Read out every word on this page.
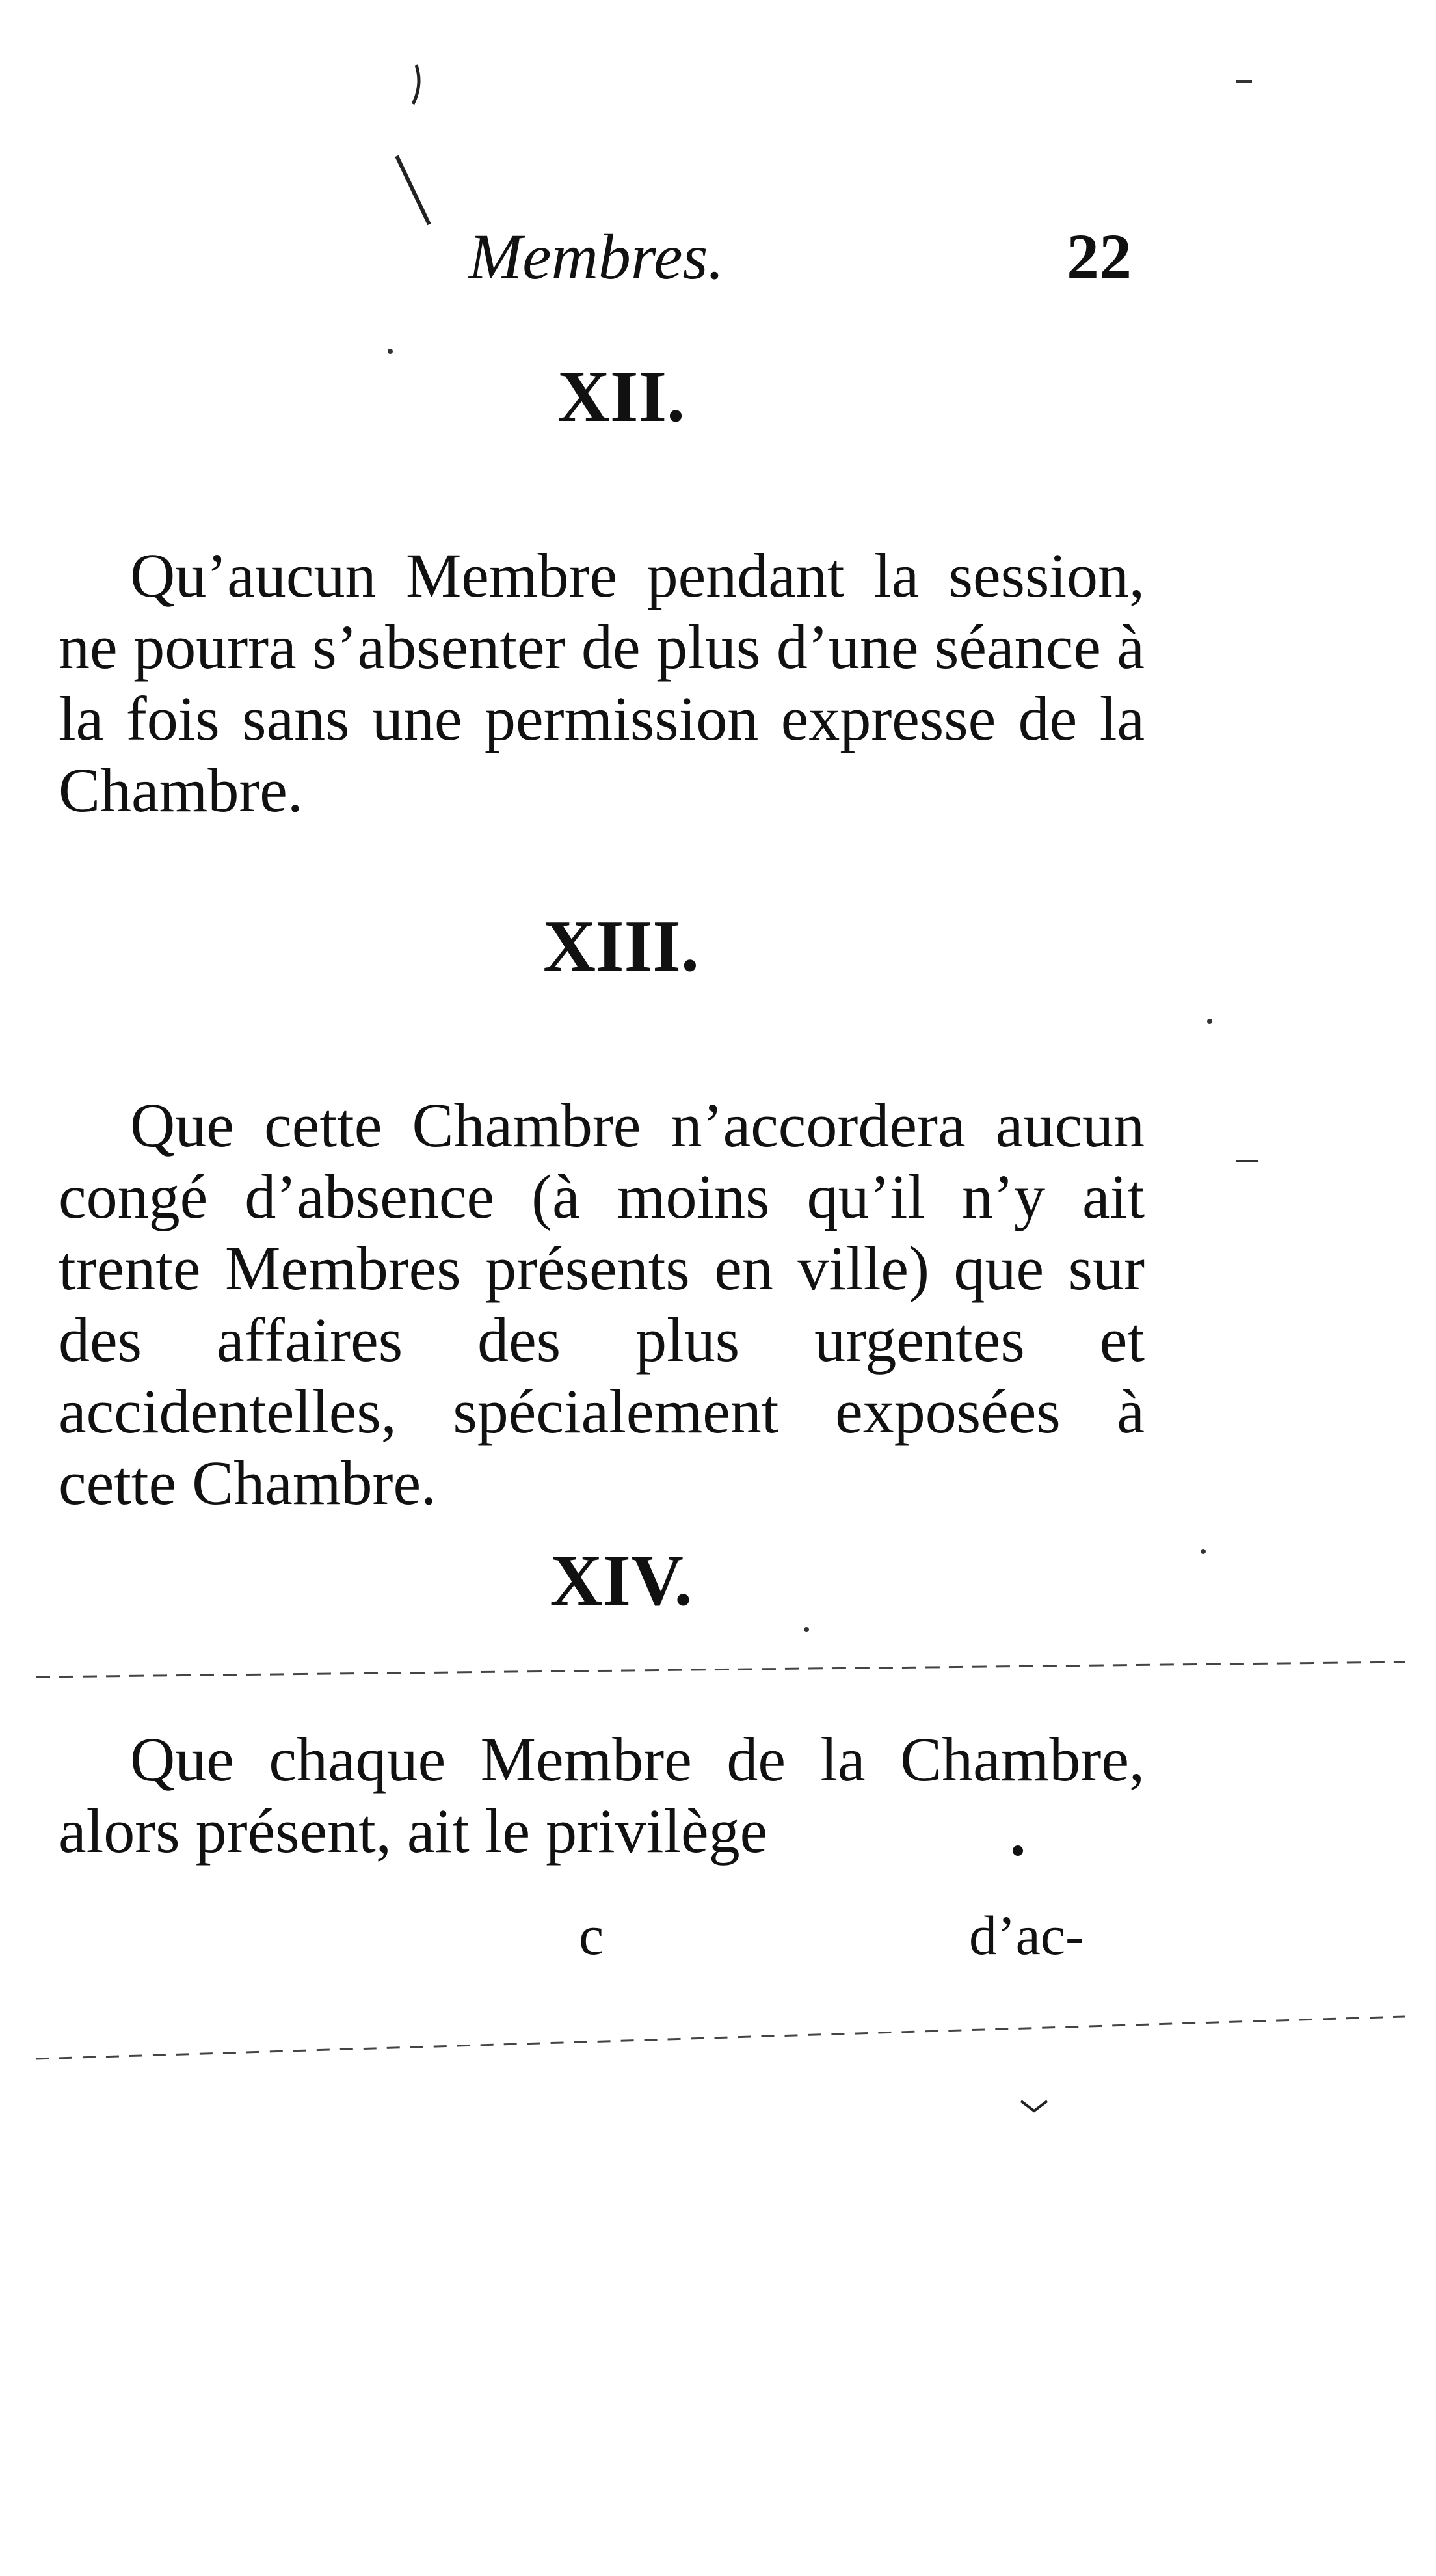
Membres.	22
XII.

Qu’aucun Membre pendant la session, ne pourra s’absenter de plus d’une séance à la fois sans une permission expresse de la Chambre.

XIII.

Que cette Chambre n’accordera aucun congé d’absence (à moins qu’il n’y ait trente Membres présents en ville) que sur des affaires des plus urgentes et accidentelles, spécialement exposées à cette Chambre.

XIV.

Que chaque Membre de la Chambre, alors présent, ait le privilège

c	d’ac-
